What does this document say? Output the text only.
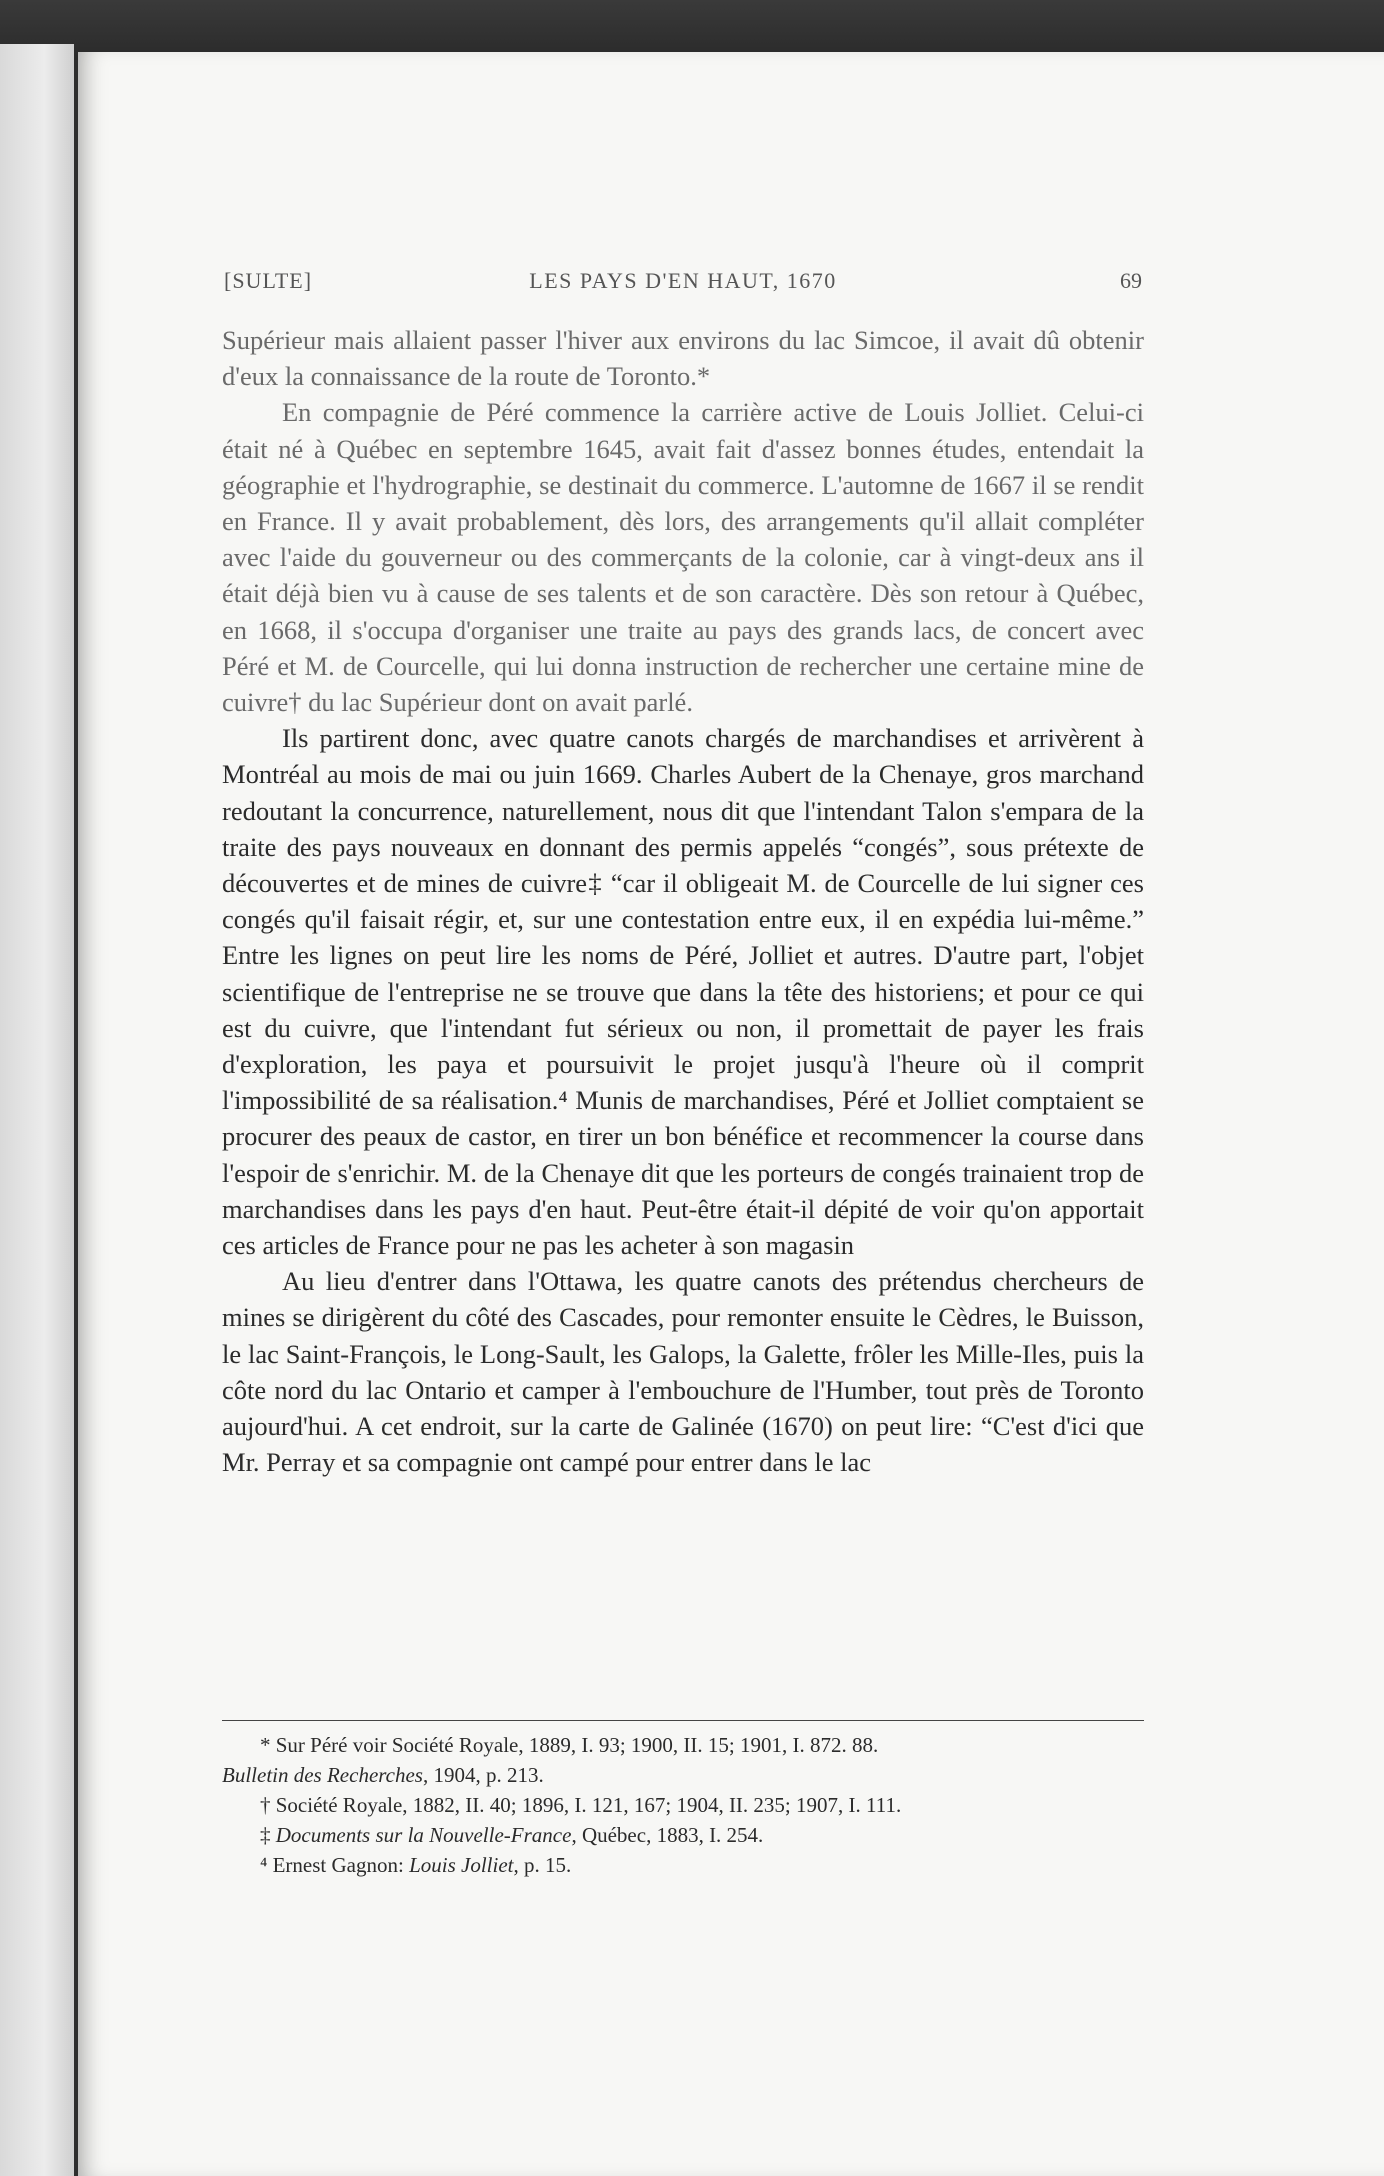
[SULTE]	LES PAYS D'EN HAUT, 1670	69

Supérieur mais allaient passer l'hiver aux environs du lac Simcoe, il avait dû obtenir d'eux la connaissance de la route de Toronto.*

En compagnie de Péré commence la carrière active de Louis Jolliet. Celui-ci était né à Québec en septembre 1645, avait fait d'assez bonnes études, entendait la géographie et l'hydrographie, se destinait du commerce. L'automne de 1667 il se rendit en France. Il y avait probablement, dès lors, des arrangements qu'il allait compléter avec l'aide du gouverneur ou des commerçants de la colonie, car à vingt-deux ans il était déjà bien vu à cause de ses talents et de son caractère. Dès son retour à Québec, en 1668, il s'occupa d'organiser une traite au pays des grands lacs, de concert avec Péré et M. de Courcelle, qui lui donna instruction de rechercher une certaine mine de cuivre† du lac Supérieur dont on avait parlé.

Ils partirent donc, avec quatre canots chargés de marchandises et arrivèrent à Montréal au mois de mai ou juin 1669. Charles Aubert de la Chenaye, gros marchand redoutant la concurrence, naturellement, nous dit que l'intendant Talon s'empara de la traite des pays nouveaux en donnant des permis appelés “congés”, sous prétexte de découvertes et de mines de cuivre‡ “car il obligeait M. de Courcelle de lui signer ces congés qu'il faisait régir, et, sur une contestation entre eux, il en expédia lui-même.” Entre les lignes on peut lire les noms de Péré, Jolliet et autres. D'autre part, l'objet scientifique de l'entreprise ne se trouve que dans la tête des historiens; et pour ce qui est du cuivre, que l'intendant fut sérieux ou non, il promettait de payer les frais d'exploration, les paya et poursuivit le projet jusqu'à l'heure où il comprit l'impossibilité de sa réalisation.⁴ Munis de marchandises, Péré et Jolliet comptaient se procurer des peaux de castor, en tirer un bon bénéfice et recommencer la course dans l'espoir de s'enrichir. M. de la Chenaye dit que les porteurs de congés trainaient trop de marchandises dans les pays d'en haut. Peut-être était-il dépité de voir qu'on apportait ces articles de France pour ne pas les acheter à son magasin

Au lieu d'entrer dans l'Ottawa, les quatre canots des prétendus chercheurs de mines se dirigèrent du côté des Cascades, pour remonter ensuite le Cèdres, le Buisson, le lac Saint-François, le Long-Sault, les Galops, la Galette, frôler les Mille-Iles, puis la côte nord du lac Ontario et camper à l'embouchure de l'Humber, tout près de Toronto aujourd'hui. A cet endroit, sur la carte de Galinée (1670) on peut lire: “C'est d'ici que Mr. Perray et sa compagnie ont campé pour entrer dans le lac

* Sur Péré voir Société Royale, 1889, I. 93; 1900, II. 15; 1901, I. 872. 88.
Bulletin des Recherches, 1904, p. 213.
† Société Royale, 1882, II. 40; 1896, I. 121, 167; 1904, II. 235; 1907, I. 111.
‡ Documents sur la Nouvelle-France, Québec, 1883, I. 254.
⁴ Ernest Gagnon: Louis Jolliet, p. 15.
